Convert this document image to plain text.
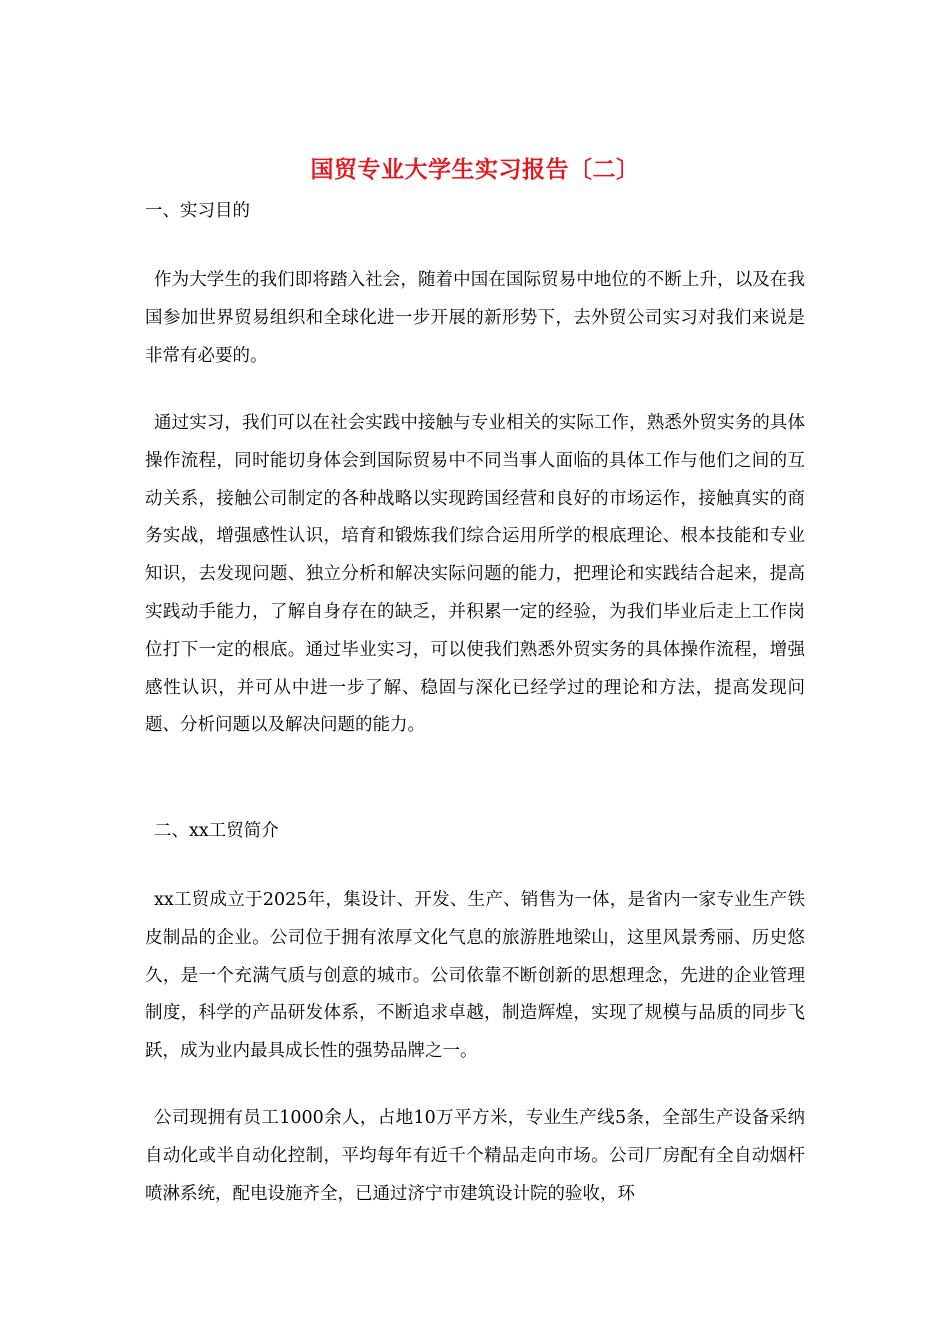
国贸专业大学生实习报告〔二〕
一、实习目的

作为大学生的我们即将踏入社会，随着中国在国际贸易中地位的不断上升，以及在我国参加世界贸易组织和全球化进一步开展的新形势下，去外贸公司实习对我们来说是非常有必要的。

通过实习，我们可以在社会实践中接触与专业相关的实际工作，熟悉外贸实务的具体操作流程，同时能切身体会到国际贸易中不同当事人面临的具体工作与他们之间的互动关系，接触公司制定的各种战略以实现跨国经营和良好的市场运作，接触真实的商务实战，增强感性认识，培育和锻炼我们综合运用所学的根底理论、根本技能和专业知识，去发现问题、独立分析和解决实际问题的能力，把理论和实践结合起来，提高实践动手能力，了解自身存在的缺乏，并积累一定的经验，为我们毕业后走上工作岗位打下一定的根底。通过毕业实习，可以使我们熟悉外贸实务的具体操作流程，增强感性认识，并可从中进一步了解、稳固与深化已经学过的理论和方法，提高发现问题、分析问题以及解决问题的能力。

二、xx工贸简介

xx工贸成立于2025年，集设计、开发、生产、销售为一体，是省内一家专业生产铁皮制品的企业。公司位于拥有浓厚文化气息的旅游胜地梁山，这里风景秀丽、历史悠久，是一个充满气质与创意的城市。公司依靠不断创新的思想理念，先进的企业管理制度，科学的产品研发体系，不断追求卓越，制造辉煌，实现了规模与品质的同步飞跃，成为业内最具成长性的强势品牌之一。

公司现拥有员工1000余人，占地10万平方米，专业生产线5条，全部生产设备采纳自动化或半自动化控制，平均每年有近千个精品走向市场。公司厂房配有全自动烟杆喷淋系统，配电设施齐全，已通过济宁市建筑设计院的验收，环
